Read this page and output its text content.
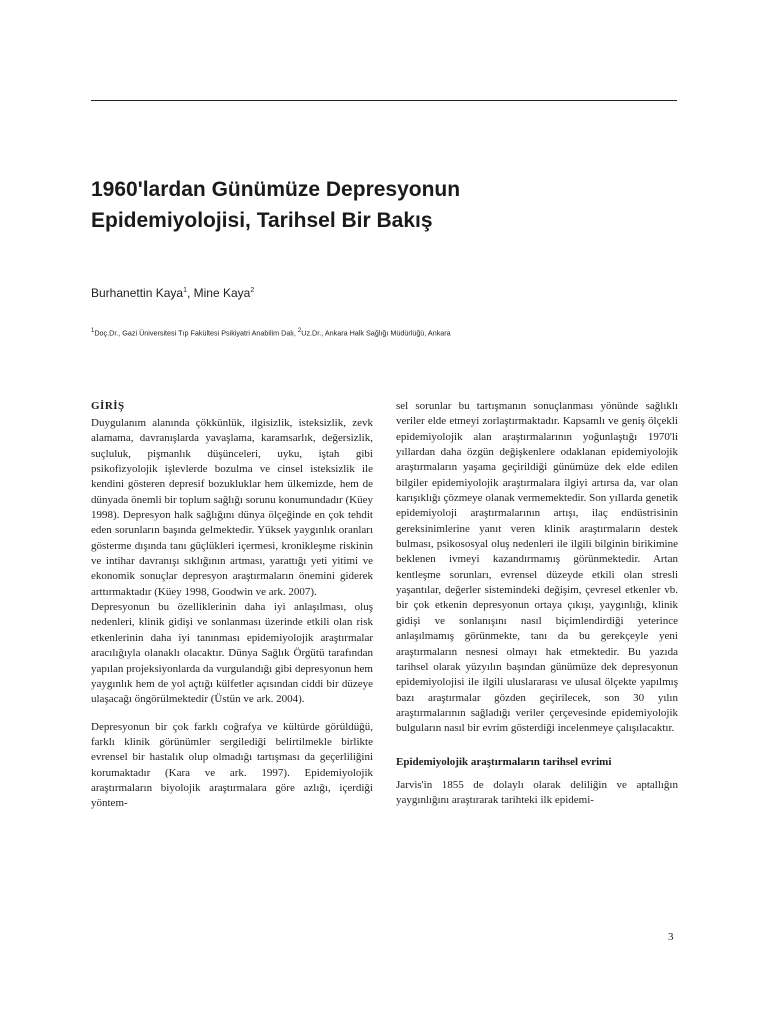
1960'lardan Günümüze Depresyonun
Epidemiyolojisi, Tarihsel Bir Bakış
Burhanettin Kaya$^1$, Mine Kaya$^2$
$^1$Doç.Dr., Gazi Üniversitesi Tıp Fakültesi Psikiyatri Anabilim Dalı, $^2$Uz.Dr., Ankara Halk Sağlığı Müdürlüğü, Ankara
GİRİŞ

Duygulanım alanında çökkünlük, ilgisizlik, isteksizlik, zevk alamama, davranışlarda yavaşlama, karamsarlık, değersizlik, suçluluk, pişmanlık düşünceleri, uyku, iştah gibi psikofizyolojik işlevlerde bozulma ve cinsel isteksizlik ile kendini gösteren depresif bozukluklar hem ülkemizde, hem de dünyada önemli bir toplum sağlığı sorunu konumundadır (Küey 1998). Depresyon halk sağlığını dünya ölçeğinde en çok tehdit eden sorunların başında gelmektedir. Yüksek yaygınlık oranları gösterme dışında tanı güçlükleri içermesi, kronikleşme riskinin ve intihar davranışı sıklığının artması, yarattığı yeti yitimi ve ekonomik sonuçlar depresyon araştırmaların önemini giderek arttırmaktadır (Küey 1998, Goodwin ve ark. 2007).

Depresyonun bu özelliklerinin daha iyi anlaşılması, oluş nedenleri, klinik gidişi ve sonlanması üzerinde etkili olan risk etkenlerinin daha iyi tanınması epidemiyolojik araştırmalar aracılığıyla olanaklı olacaktır. Dünya Sağlık Örgütü tarafından yapılan projeksiyonlarda da vurgulandığı gibi depresyonun hem yaygınlık hem de yol açtığı külfetler açısından ciddi bir düzeye ulaşacağı öngörülmektedir (Üstün ve ark. 2004).

Depresyonun bir çok farklı coğrafya ve kültürde görüldüğü, farklı klinik görünümler sergilediği belirtilmekle birlikte evrensel bir hastalık olup olmadığı tartışması da geçerliliğini korumaktadır (Kara ve ark. 1997). Epidemiyolojik araştırmaların biyolojik araştırmalara göre azlığı, içerdiği yöntem-

sel sorunlar bu tartışmanın sonuçlanması yönünde sağlıklı veriler elde etmeyi zorlaştırmaktadır. Kapsamlı ve geniş ölçekli epidemiyolojik alan araştırmalarının yoğunlaştığı 1970'li yıllardan daha özgün değişkenlere odaklanan epidemiyolojik araştırmaların yaşama geçirildiği günümüze dek elde edilen bilgiler epidemiyolojik araştırmalara ilgiyi artırsa da, var olan karışıklığı çözmeye olanak vermemektedir. Son yıllarda genetik epidemiyoloji araştırmalarının artışı, ilaç endüstrisinin gereksinimlerine yanıt veren klinik araştırmaların destek bulması, psikososyal oluş nedenleri ile ilgili bilginin birikimine beklenen ivmeyi kazandırmamış görünmektedir. Artan kentleşme sorunları, evrensel düzeyde etkili olan stresli yaşantılar, değerler sistemindeki değişim, çevresel etkenler vb. bir çok etkenin depresyonun ortaya çıkışı, yaygınlığı, klinik gidişi ve sonlanışını nasıl biçimlendirdiği yeterince anlaşılmamış görünmekte, tanı da bu gerekçeyle yeni araştırmaların nesnesi olmayı hak etmektedir. Bu yazıda tarihsel olarak yüzyılın başından günümüze dek depresyonun epidemiyolojisi ile ilgili uluslararası ve ulusal ölçekte yapılmış bazı araştırmalar gözden geçirilecek, son 30 yılın araştırmalarının sağladığı veriler çerçevesinde epidemiyolojik bulguların nasıl bir evrim gösterdiği incelenmeye çalışılacaktır.

Epidemiyolojik araştırmaların tarihsel evrimi

Jarvis'in 1855 de dolaylı olarak deliliğin ve aptallığın yaygınlığını araştırarak tarihteki ilk epidemi-

3
